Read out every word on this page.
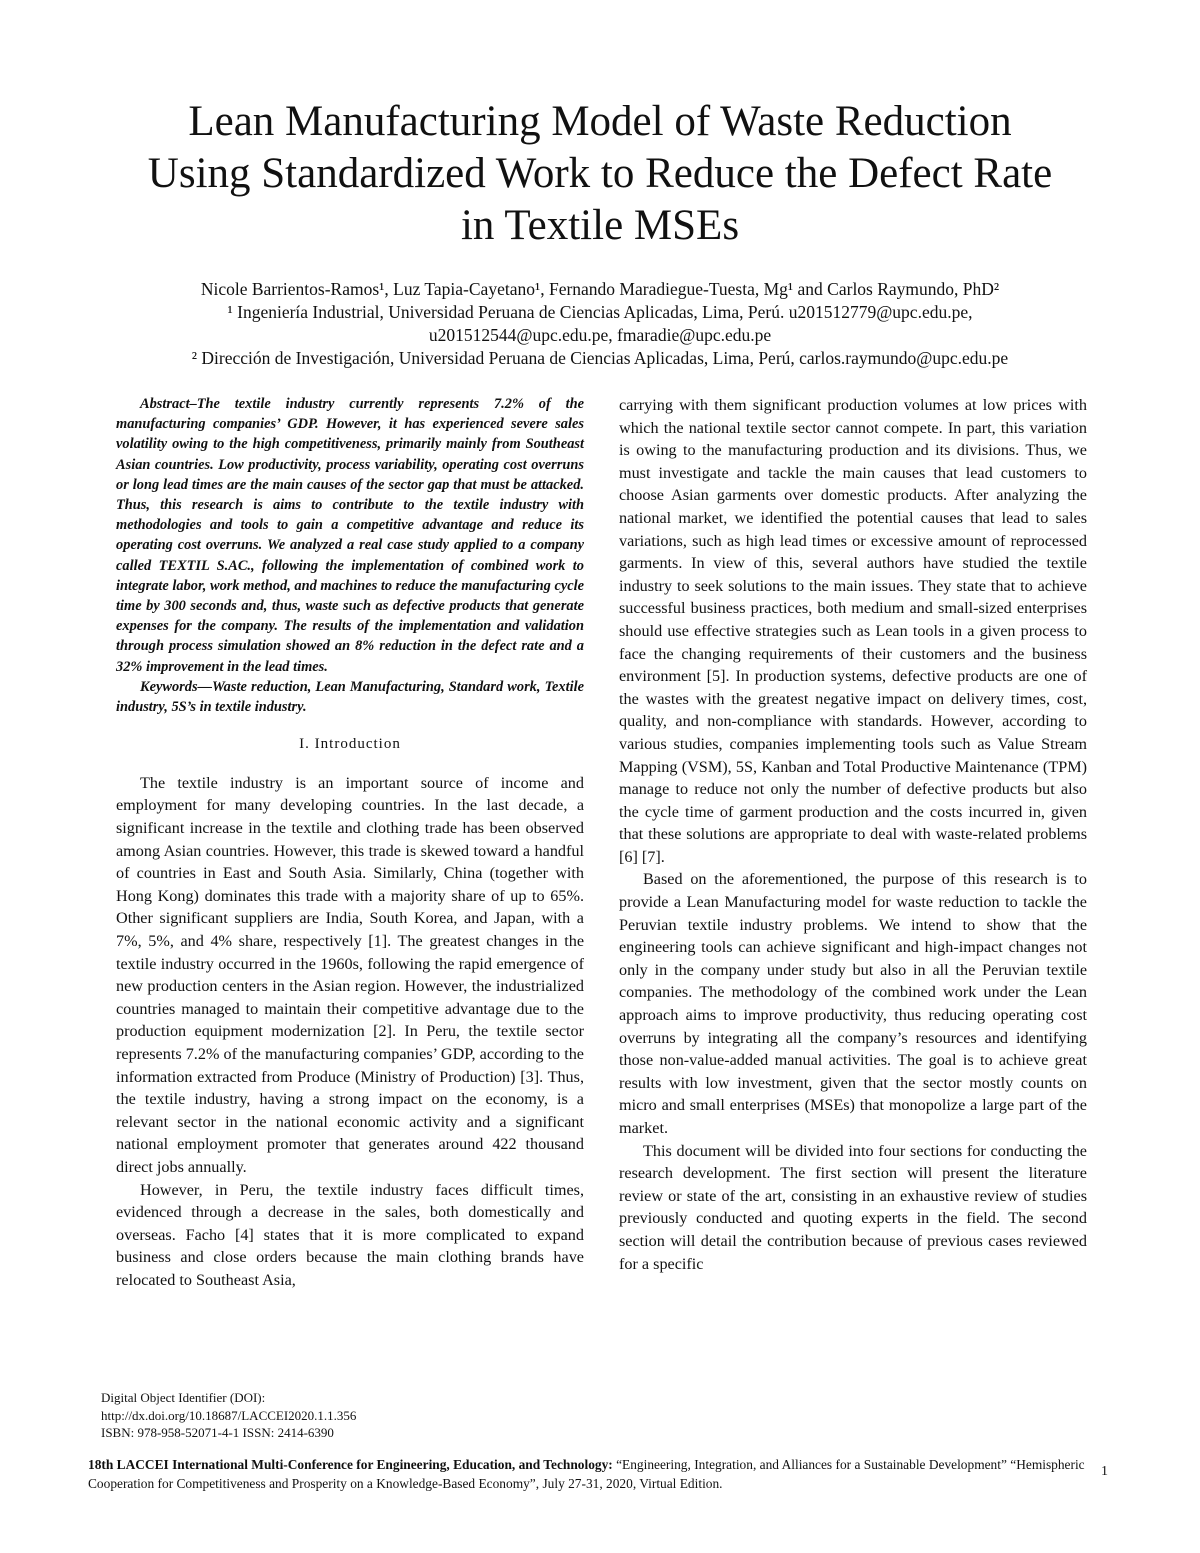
Lean Manufacturing Model of Waste Reduction
Using Standardized Work to Reduce the Defect Rate
in Textile MSEs
Nicole Barrientos-Ramos¹, Luz Tapia-Cayetano¹, Fernando Maradiegue-Tuesta, Mg¹ and Carlos Raymundo, PhD²
¹ Ingeniería Industrial, Universidad Peruana de Ciencias Aplicadas, Lima, Perú. u201512779@upc.edu.pe,
u201512544@upc.edu.pe, fmaradie@upc.edu.pe
² Dirección de Investigación, Universidad Peruana de Ciencias Aplicadas, Lima, Perú, carlos.raymundo@upc.edu.pe

Abstract–The textile industry currently represents 7.2% of the manufacturing companies’ GDP. However, it has experienced severe sales volatility owing to the high competitiveness, primarily mainly from Southeast Asian countries. Low productivity, process variability, operating cost overruns or long lead times are the main causes of the sector gap that must be attacked. Thus, this research is aims to contribute to the textile industry with methodologies and tools to gain a competitive advantage and reduce its operating cost overruns. We analyzed a real case study applied to a company called TEXTIL S.AC., following the implementation of combined work to integrate labor, work method, and machines to reduce the manufacturing cycle time by 300 seconds and, thus, waste such as defective products that generate expenses for the company. The results of the implementation and validation through process simulation showed an 8% reduction in the defect rate and a 32% improvement in the lead times.

Keywords—Waste reduction, Lean Manufacturing, Standard work, Textile industry, 5S’s in textile industry.

I. Introduction

The textile industry is an important source of income and employment for many developing countries. In the last decade, a significant increase in the textile and clothing trade has been observed among Asian countries. However, this trade is skewed toward a handful of countries in East and South Asia. Similarly, China (together with Hong Kong) dominates this trade with a majority share of up to 65%. Other significant suppliers are India, South Korea, and Japan, with a 7%, 5%, and 4% share, respectively [1]. The greatest changes in the textile industry occurred in the 1960s, following the rapid emergence of new production centers in the Asian region. However, the industrialized countries managed to maintain their competitive advantage due to the production equipment modernization [2]. In Peru, the textile sector represents 7.2% of the manufacturing companies’ GDP, according to the information extracted from Produce (Ministry of Production) [3]. Thus, the textile industry, having a strong impact on the economy, is a relevant sector in the national economic activity and a significant national employment promoter that generates around 422 thousand direct jobs annually.

However, in Peru, the textile industry faces difficult times, evidenced through a decrease in the sales, both domestically and overseas. Facho [4] states that it is more complicated to expand business and close orders because the main clothing brands have relocated to Southeast Asia,

carrying with them significant production volumes at low prices with which the national textile sector cannot compete. In part, this variation is owing to the manufacturing production and its divisions. Thus, we must investigate and tackle the main causes that lead customers to choose Asian garments over domestic products. After analyzing the national market, we identified the potential causes that lead to sales variations, such as high lead times or excessive amount of reprocessed garments. In view of this, several authors have studied the textile industry to seek solutions to the main issues. They state that to achieve successful business practices, both medium and small-sized enterprises should use effective strategies such as Lean tools in a given process to face the changing requirements of their customers and the business environment [5]. In production systems, defective products are one of the wastes with the greatest negative impact on delivery times, cost, quality, and non-compliance with standards. However, according to various studies, companies implementing tools such as Value Stream Mapping (VSM), 5S, Kanban and Total Productive Maintenance (TPM) manage to reduce not only the number of defective products but also the cycle time of garment production and the costs incurred in, given that these solutions are appropriate to deal with waste-related problems [6] [7].

Based on the aforementioned, the purpose of this research is to provide a Lean Manufacturing model for waste reduction to tackle the Peruvian textile industry problems. We intend to show that the engineering tools can achieve significant and high-impact changes not only in the company under study but also in all the Peruvian textile companies. The methodology of the combined work under the Lean approach aims to improve productivity, thus reducing operating cost overruns by integrating all the company’s resources and identifying those non-value-added manual activities. The goal is to achieve great results with low investment, given that the sector mostly counts on micro and small enterprises (MSEs) that monopolize a large part of the market.

This document will be divided into four sections for conducting the research development. The first section will present the literature review or state of the art, consisting in an exhaustive review of studies previously conducted and quoting experts in the field. The second section will detail the contribution because of previous cases reviewed for a specific

Digital Object Identifier (DOI):
http://dx.doi.org/10.18687/LACCEI2020.1.1.356
ISBN: 978-958-52071-4-1 ISSN: 2414-6390
18th LACCEI International Multi-Conference for Engineering, Education, and Technology: “Engineering, Integration, and Alliances for a Sustainable Development” “Hemispheric Cooperation for Competitiveness and Prosperity on a Knowledge-Based Economy”, July 27-31, 2020, Virtual Edition.
1
